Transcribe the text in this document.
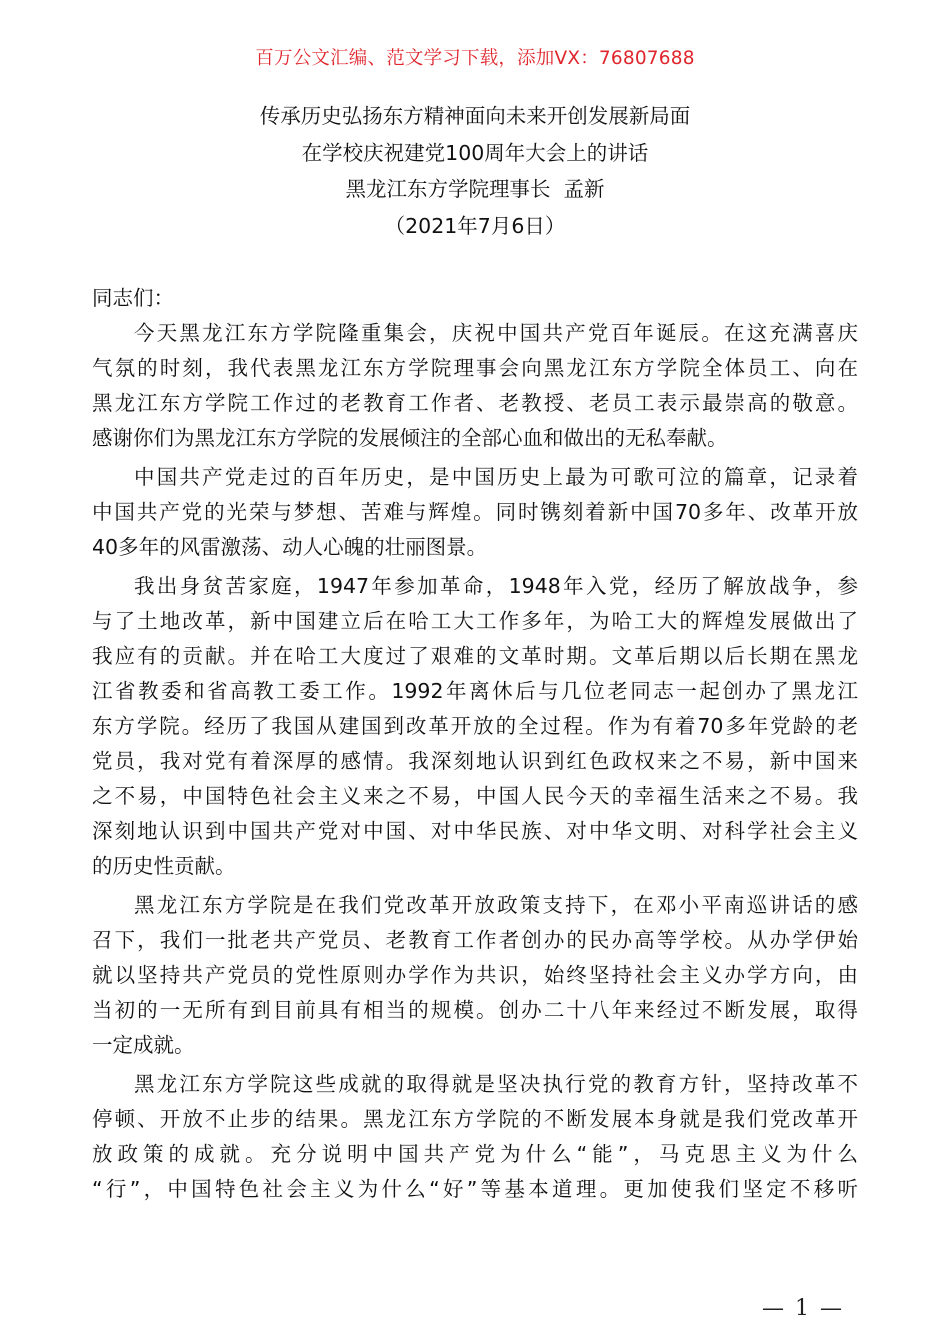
百万公文汇编、范文学习下载，添加VX：76807688
传承历史弘扬东方精神面向未来开创发展新局面
在学校庆祝建党100周年大会上的讲话
黑龙江东方学院理事长  孟新
（2021年7月6日）
同志们：
今天黑龙江东方学院隆重集会，庆祝中国共产党百年诞辰。在这充满喜庆
气氛的时刻，我代表黑龙江东方学院理事会向黑龙江东方学院全体员工、向在
黑龙江东方学院工作过的老教育工作者、老教授、老员工表示最崇高的敬意。
感谢你们为黑龙江东方学院的发展倾注的全部心血和做出的无私奉献。
中国共产党走过的百年历史，是中国历史上最为可歌可泣的篇章，记录着
中国共产党的光荣与梦想、苦难与辉煌。同时镌刻着新中国70多年、改革开放
40多年的风雷激荡、动人心魄的壮丽图景。
我出身贫苦家庭，1947年参加革命，1948年入党，经历了解放战争，参
与了土地改革，新中国建立后在哈工大工作多年，为哈工大的辉煌发展做出了
我应有的贡献。并在哈工大度过了艰难的文革时期。文革后期以后长期在黑龙
江省教委和省高教工委工作。1992年离休后与几位老同志一起创办了黑龙江
东方学院。经历了我国从建国到改革开放的全过程。作为有着70多年党龄的老
党员，我对党有着深厚的感情。我深刻地认识到红色政权来之不易，新中国来
之不易，中国特色社会主义来之不易，中国人民今天的幸福生活来之不易。我
深刻地认识到中国共产党对中国、对中华民族、对中华文明、对科学社会主义
的历史性贡献。
黑龙江东方学院是在我们党改革开放政策支持下，在邓小平南巡讲话的感
召下，我们一批老共产党员、老教育工作者创办的民办高等学校。从办学伊始
就以坚持共产党员的党性原则办学作为共识，始终坚持社会主义办学方向，由
当初的一无所有到目前具有相当的规模。创办二十八年来经过不断发展，取得
一定成就。
黑龙江东方学院这些成就的取得就是坚决执行党的教育方针，坚持改革不
停顿、开放不止步的结果。黑龙江东方学院的不断发展本身就是我们党改革开
放政策的成就。充分说明中国共产党为什么“能”，马克思主义为什么
“行”，中国特色社会主义为什么“好”等基本道理。更加使我们坚定不移听
— 1 —
